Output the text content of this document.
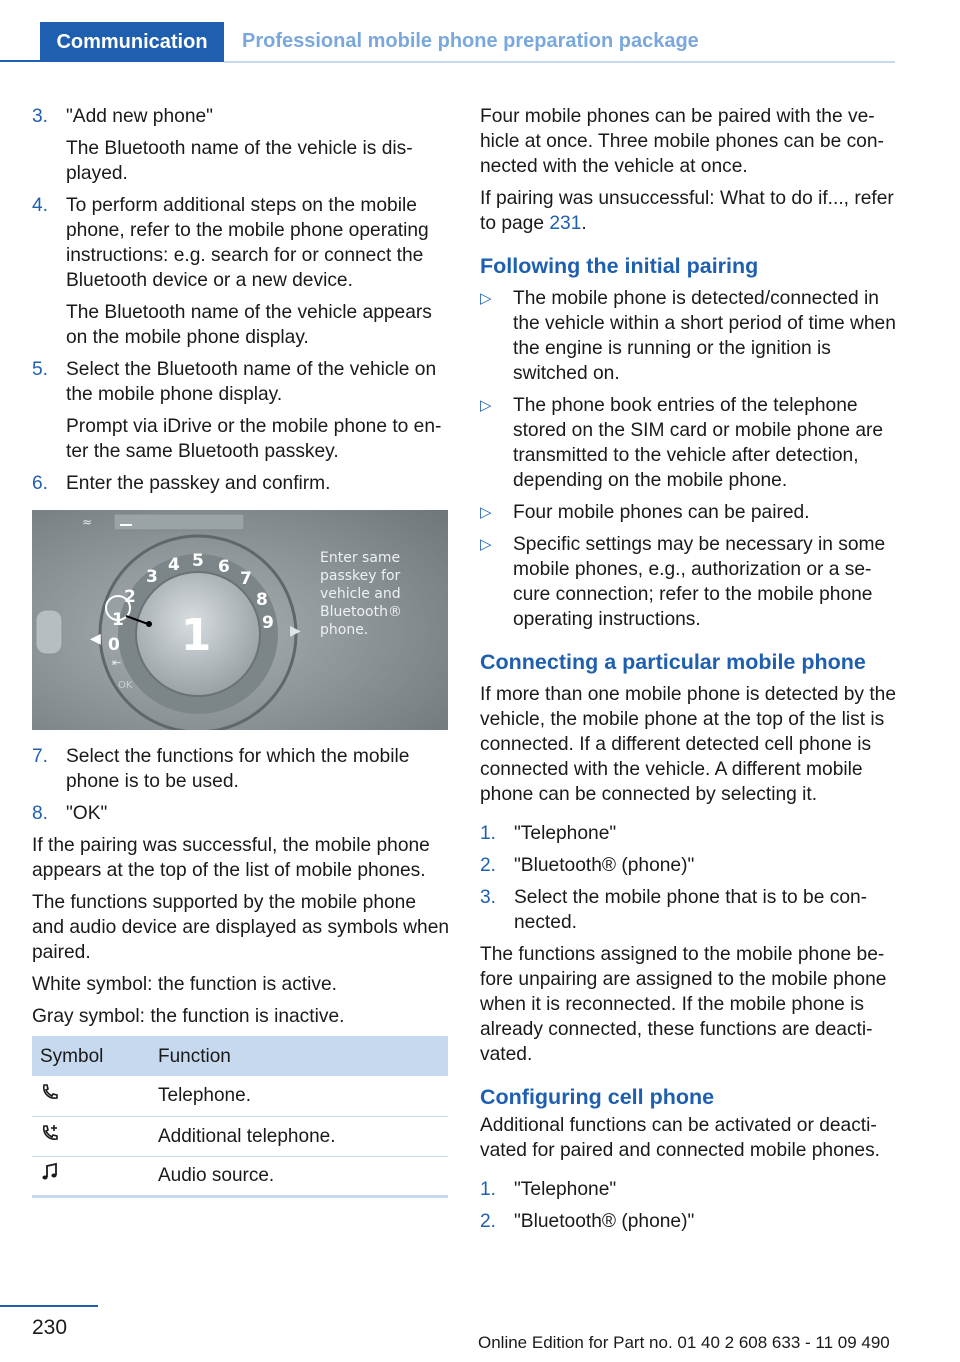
Communication Professional mobile phone preparation package
3. "Add new phone"

The Bluetooth name of the vehicle is displayed.

4. To perform additional steps on the mobile phone, refer to the mobile phone operating instructions: e.g. search for or connect the Bluetooth device or a new device.

The Bluetooth name of the vehicle appears on the mobile phone display.

5. Select the Bluetooth name of the vehicle on the mobile phone display.

Prompt via iDrive or the mobile phone to enter the same Bluetooth passkey.

6. Enter the passkey and confirm.

≈
1
0
1
2
3
4 5 6
7
8
9
◀	▶
⇤
OK
Enter same
passkey for
vehicle and
Bluetooth®
phone.
7. Select the functions for which the mobile phone is to be used.

8. "OK"

If the pairing was successful, the mobile phone appears at the top of the list of mobile phones.

The functions supported by the mobile phone and audio device are displayed as symbols when paired.

White symbol: the function is active.

Gray symbol: the function is inactive.

Symbol	Function
	Telephone.
	Additional telephone.
	Audio source.

Four mobile phones can be paired with the vehicle at once. Three mobile phones can be connected with the vehicle at once.

If pairing was unsuccessful: What to do if..., refer to page 231.

Following the initial pairing
▷	The mobile phone is detected/connected in the vehicle within a short period of time when the engine is running or the ignition is switched on.
▷	The phone book entries of the telephone stored on the SIM card or mobile phone are transmitted to the vehicle after detection, depending on the mobile phone.
▷	Four mobile phones can be paired.
▷	Specific settings may be necessary in some mobile phones, e.g., authorization or a secure connection; refer to the mobile phone operating instructions.
Connecting a particular mobile phone

If more than one mobile phone is detected by the vehicle, the mobile phone at the top of the list is connected. If a different detected cell phone is connected with the vehicle. A different mobile phone can be connected by selecting it.

1. "Telephone"
2. "Bluetooth® (phone)"
3. Select the mobile phone that is to be connected.

The functions assigned to the mobile phone before unpairing are assigned to the mobile phone when it is reconnected. If the mobile phone is already connected, these functions are deactivated.

Configuring cell phone

Additional functions can be activated or deactivated for paired and connected mobile phones.

1. "Telephone"
2. "Bluetooth® (phone)"
230
Online Edition for Part no. 01 40 2 608 633 - 11 09 490
